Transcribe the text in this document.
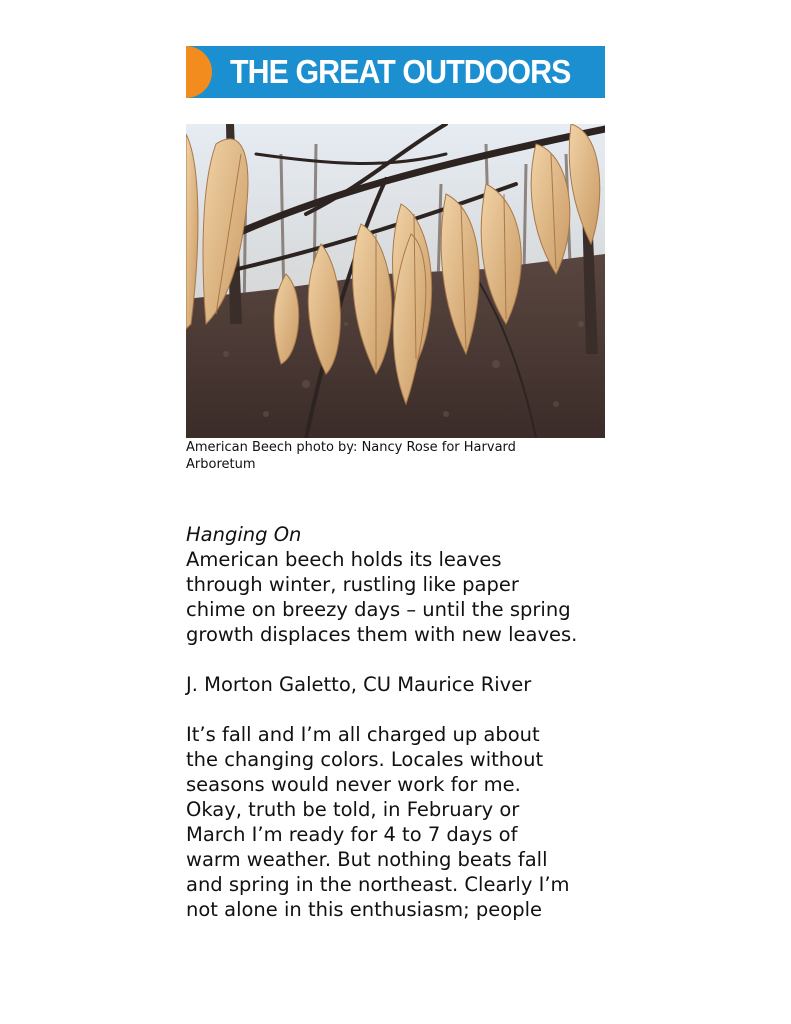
THE GREAT OUTDOORS
American Beech photo by: Nancy Rose for Harvard
Arboretum

Hanging On

American beech holds its leaves

through winter, rustling like paper

chime on breezy days – until the spring

growth displaces them with new leaves.

J. Morton Galetto, CU Maurice River

It’s fall and I’m all charged up about

the changing colors. Locales without

seasons would never work for me.

Okay, truth be told, in February or

March I’m ready for 4 to 7 days of

warm weather. But nothing beats fall

and spring in the northeast. Clearly I’m

not alone in this enthusiasm; people
